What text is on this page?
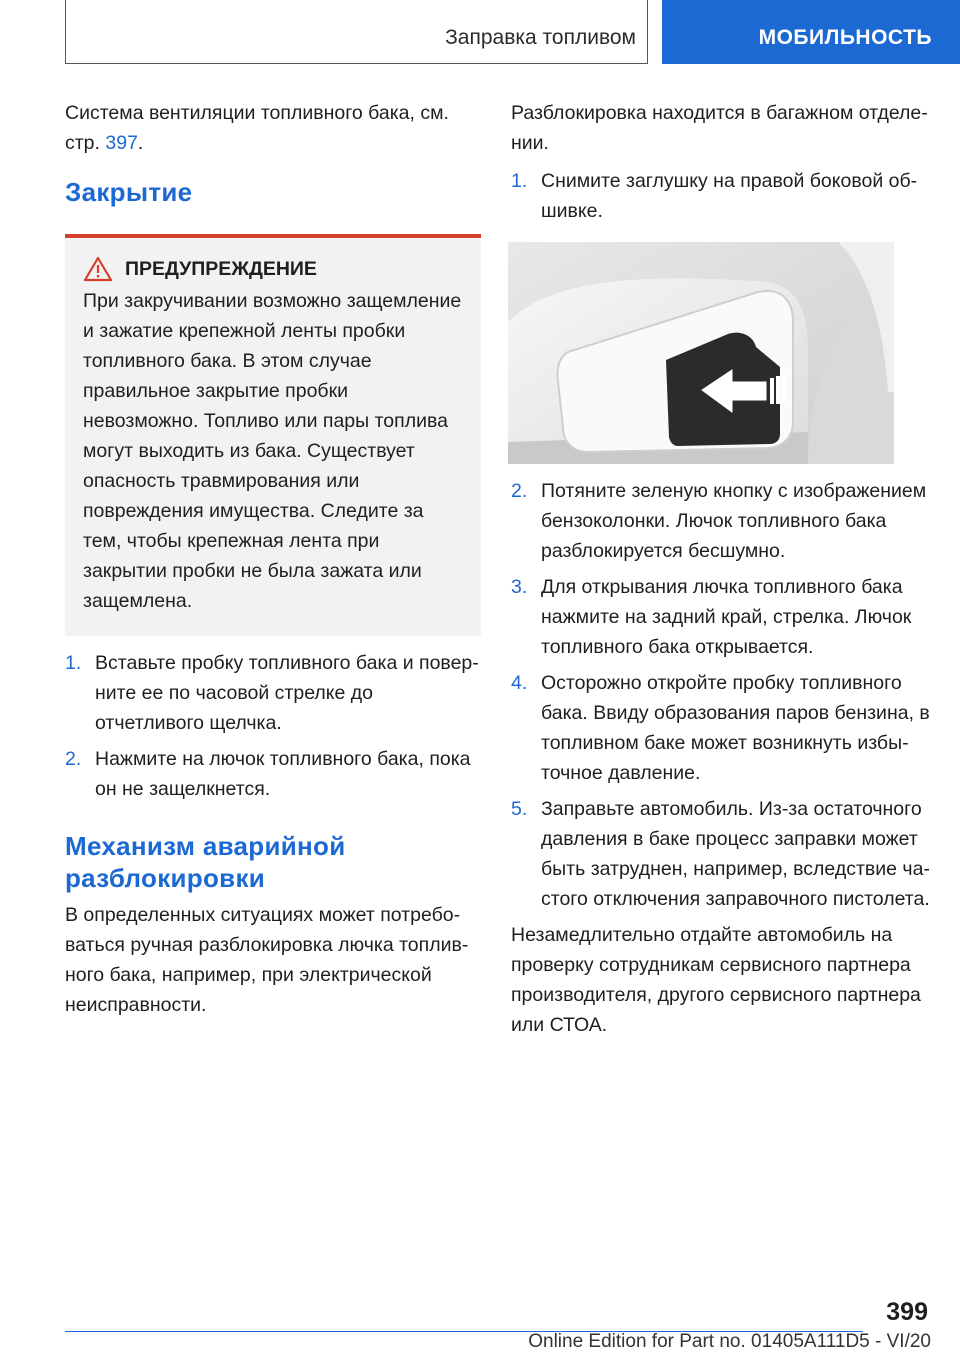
Заправка топливом	МОБИЛЬНОСТЬ

Система вентиляции топливного бака, см. стр. 397.

Закрытие
ПРЕДУПРЕЖДЕНИЕ

При закручивании возможно защемление и зажатие крепежной ленты пробки топливного бака. В этом случае правильное закрытие пробки невозможно. Топливо или пары топлива могут выходить из бака. Существует опасность травмирования или повреждения имущества. Следите за тем, чтобы крепежная лента при закрытии пробки не была зажата или защемлена.

1. Вставьте пробку топливного бака и поверните ее по часовой стрелке до отчетливого щелчка.
2. Нажмите на лючок топливного бака, пока он не защелкнется.
Механизм аварийной разблокировки

В определенных ситуациях может потребоваться ручная разблокировка лючка топливного бака, например, при электрической неисправности.

Разблокировка находится в багажном отделении.

1. Снимите заглушку на правой боковой обшивке.
2. Потяните зеленую кнопку с изображением бензоколонки. Лючок топливного бака разблокируется бесшумно.
3. Для открывания лючка топливного бака нажмите на задний край, стрелка. Лючок топливного бака открывается.
4. Осторожно откройте пробку топливного бака. Ввиду образования паров бензина, в топливном баке может возникнуть избыточное давление.
5. Заправьте автомобиль. Из-за остаточного давления в баке процесс заправки может быть затруднен, например, вследствие частого отключения заправочного пистолета.

Незамедлительно отдайте автомобиль на проверку сотрудникам сервисного партнера производителя, другого сервисного партнера или СТОА.

399
Online Edition for Part no. 01405A111D5 - VI/20
